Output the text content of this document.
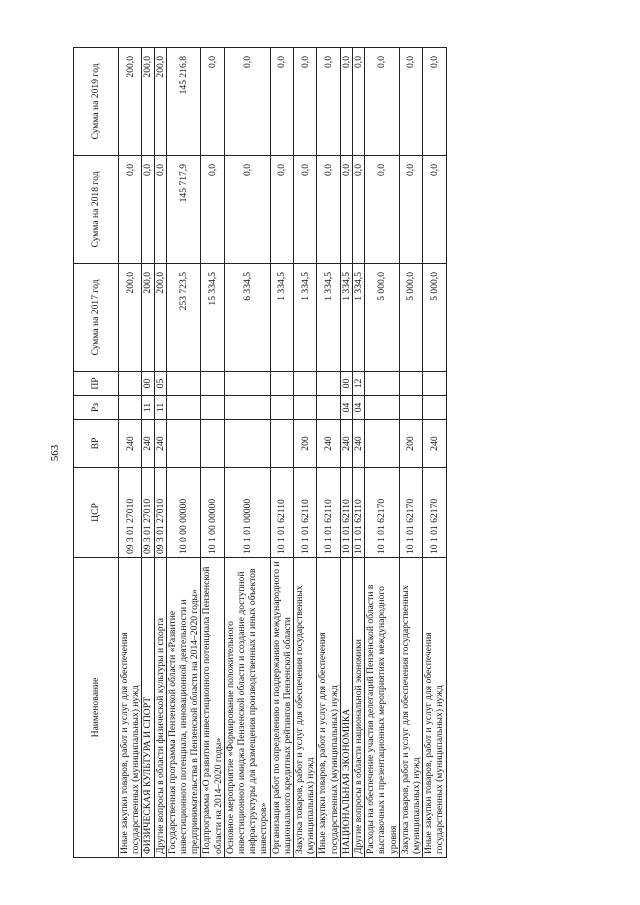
563
Наименование	ЦСР	ВР	Рз	ПР	Сумма на 2017 год	Сумма на 2018 год	Сумма на 2019 год
Иные закупки товаров, работ и услуг для обеспечения государственных (муниципальных) нужд	09 3 01 27010	240			200,0	0,0	200,0
ФИЗИЧЕСКАЯ КУЛЬТУРА И СПОРТ	09 3 01 27010	240	11	00	200,0	0,0	200,0
Другие вопросы в области физической культуры и спорта	09 3 01 27010	240	11	05	200,0	0,0	200,0
Государственная программа Пензенской области «Развитие инвестиционного потенциала, инновационной деятельности и предпринимательства в Пензенской области на 2014–2020 годы»	10 0 00 00000				253 723,5	145 717,9	145 216,8
Подпрограмма «О развитии инвестиционного потенциала Пензенской области на 2014–2020 годы»	10 1 00 00000				15 334,5	0,0	0,0
Основное мероприятие «Формирование положительного инвестиционного имиджа Пензенской области и создание доступной инфраструктуры для размещения производственных и иных объектов инвесторов»	10 1 01 00000				6 334,5	0,0	0,0
Организация работ по определению и поддержанию международного и национального кредитных рейтингов Пензенской области	10 1 01 62110				1 334,5	0,0	0,0
Закупка товаров, работ и услуг для обеспечения государственных (муниципальных) нужд	10 1 01 62110	200			1 334,5	0,0	0,0
Иные закупки товаров, работ и услуг для обеспечения государственных (муниципальных) нужд	10 1 01 62110	240			1 334,5	0,0	0,0
НАЦИОНАЛЬНАЯ ЭКОНОМИКА	10 1 01 62110	240	04	00	1 334,5	0,0	0,0
Другие вопросы в области национальной экономики	10 1 01 62110	240	04	12	1 334,5	0,0	0,0
Расходы на обеспечение участия делегаций Пензенской области в выставочных и презентационных мероприятиях международного уровня	10 1 01 62170				5 000,0	0,0	0,0
Закупка товаров, работ и услуг для обеспечения государственных (муниципальных) нужд	10 1 01 62170	200			5 000,0	0,0	0,0
Иные закупки товаров, работ и услуг для обеспечения государственных (муниципальных) нужд	10 1 01 62170	240			5 000,0	0,0	0,0
